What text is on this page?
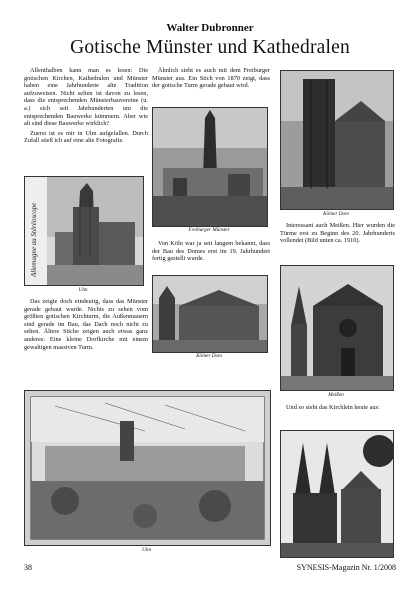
Walter Dubronner
Gotische Münster und Kathedralen

Allenthalben kann man es lesen: Die gotischen Kirchen, Kathedralen und Münster haben eine Jahrhunderte alte Tradition aufzuweisen. Nicht selten ist davon zu lesen, dass die entsprechenden Münsterbauvereine (u. a.) sich seit Jahrhunderten um die entsprechenden Bauwerke kümmern. Aber wie alt sind diese Bauwerke wirklich?

Zuerst ist es mir in Ulm aufgefallen. Durch Zufall stieß ich auf eine alte Fotografie.

Allemagne au Stéréoscope
Ulm

Das zeigte doch eindeutig, dass das Münster gerade gebaut wurde. Nichts zu sehen vom größten gotischen Kirchturm, die Außenmauern sind gerade im Bau, das Dach noch nicht zu sehen. Ältere Stiche zeigen auch etwas ganz anderes: Eine kleine Dorfkirche mit einem gewaltigen massiven Turm.

Ähnlich sieht es auch mit dem Freiburger Münster aus. Ein Stich von 1870 zeigt, dass der gotische Turm gerade gebaut wird.

Freiburger Münster

Von Köln war ja seit langem bekannt, dass der Bau des Domes erst im 19. Jahrhundert fertig gestellt wurde.

Kölner Dom
Kölner Dom

Interessant auch Meißen. Hier wurden die Türme erst zu Beginn des 20. Jahrhunderts vollendet (Bild unten ca. 1910).

Meißen

Und so sieht das Kirchlein heute aus:

Ulm
38	SYNESIS-Magazin Nr. 1/2008
